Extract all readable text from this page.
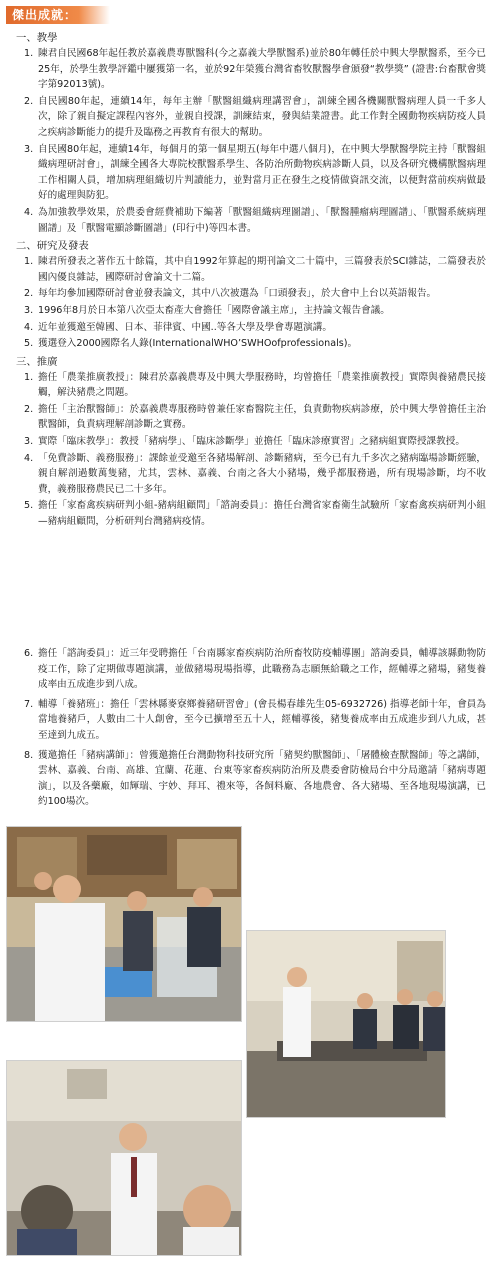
傑出成就：
一、教學
1. 陳君自民國68年起任教於嘉義農專獸醫科(今之嘉義大學獸醫系)並於80年轉任於中興大學獸醫系，至今已25年，於學生教學評鑑中屢獲第一名，並於92年榮獲台灣省畜牧獸醫學會頒發“教學獎” (證書:台畜獸會獎字第92013號)。
2. 自民國80年起，連續14年，每年主辦「獸醫組織病理講習會」，訓練全國各機關獸醫病理人員一千多人次，除了親自擬定課程內容外，並親自授課，訓練結束，發與結業證書。此工作對全國動物疾病防疫人員之疾病診斷能力的提升及臨務之再教育有很大的幫助。
3. 自民國80年起，連續14年，每個月的第一個星期五(每年中選八個月)，在中興大學獸醫學院主持「獸醫組織病理研討會」，訓練全國各大專院校獸醫系學生、各防治所動物疾病診斷人員，以及各研究機構獸醫病理工作相關人員，增加病理組織切片判讀能力，並對當月正在發生之疫情做資訊交流，以便對當前疾病做最好的處理與防犯。
4. 為加強教學效果，於農委會經費補助下編著「獸醫組織病理圖譜」、「獸醫腫瘤病理圖譜」、「獸醫系統病理圖譜」及「獸醫電顯診斷圖譜」(印行中)等四本書。
二、研究及發表
1. 陳君所發表之著作五十餘篇，其中自1992年算起的期刊論文二十篇中，三篇發表於SCI雜誌，二篇發表於國內優良雜誌，國際研討會論文十二篇。
2. 每年均參加國際研討會並發表論文，其中八次被選為「口頭發表」，於大會中上台以英語報告。
3. 1996年8月於日本第八次亞太畜產大會擔任「國際會議主席」，主持論文報告會議。
4. 近年並獲邀至韓國、日本、菲律賓、中國..等各大學及學會專題演講。
5. 獲選登入2000國際名人錄(InternationalWHO’SWHOofprofessionals)。
三、推廣
1. 擔任「農業推廣教授」：陳君於嘉義農專及中興大學服務時，均曾擔任「農業推廣教授」實際與養豬農民接觸，解決豬農之問題。
2. 擔任「主治獸醫師」：於嘉義農專服務時曾兼任家畜醫院主任，負責動物疾病診療，於中興大學曾擔任主治獸醫師，負責病理解剖診斷之實務。
3. 實際「臨床教學」：教授「豬病學」、「臨床診斷學」並擔任「臨床診療實習」之豬病組實際授課教授。
4. 「免費診斷、義務服務」：課餘並受邀至各豬場解剖、診斷豬病，至今已有九千多次之豬病臨場診斷經驗，親自解剖過數萬隻豬，尤其，雲林、嘉義、台南之各大小豬場，幾乎都服務過，所有現場診斷，均不收費，義務服務農民已二十多年。
5. 擔任「家畜禽疾病研判小組-豬病組顧問」「諮詢委員」：擔任台灣省家畜衛生試驗所「家畜禽疾病研判小組—豬病組顧問，分析研判台灣豬病疫情。
6. 擔任「諮詢委員」：近三年受聘擔任「台南縣家畜疾病防治所畜牧防疫輔導團」諮詢委員，輔導該縣動物防疫工作，除了定期做專題演講，並做豬場現場指導，此職務為志願無給職之工作，經輔導之豬場，豬隻養成率由五成進步到八成。
7. 輔導「養豬班」：擔任「雲林縣麥寮鄉養豬研習會」(會長楊春雄先生05-6932726) 指導老師十年，會員為當地養豬戶，人數由二十人創會，至今已擴增至五十人，經輔導後，豬隻養成率由五成進步到八九成，甚至達到九成五。
8. 獲邀擔任「豬病講師」：曾獲邀擔任台灣動物科技研究所「豬契約獸醫師」、「屠體檢查獸醫師」等之講師，雲林、嘉義、台南、高雄、宜蘭、花蓮、台東等家畜疾病防治所及農委會防檢局台中分局邀請「豬病專題演」，以及各藥廠，如輝瑞、宇妙、拜耳、禮來等，各飼料廠、各地農會、各大豬場、至各地現場演講，已約100場次。
